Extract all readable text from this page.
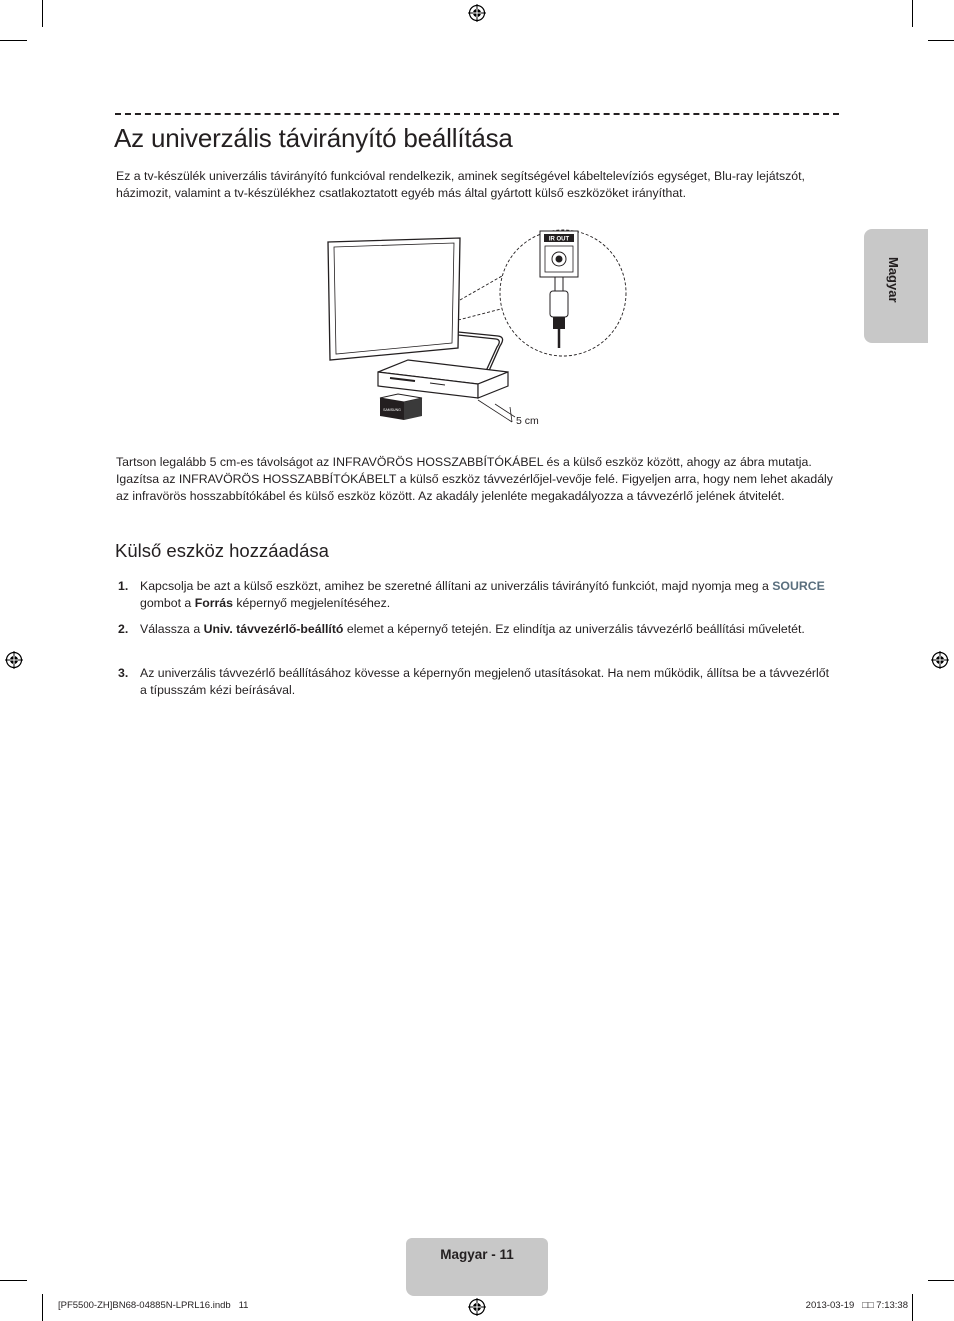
Az univerzális távirányító beállítása

Ez a tv-készülék univerzális távirányító funkcióval rendelkezik, aminek segítségével kábeltelevíziós egységet, Blu-ray lejátszót, házimozit, valamint a tv-készülékhez csatlakoztatott egyéb más által gyártott külső eszközöket irányíthat.

IR OUT
SAMSUNG
5 cm

Tartson legalább 5 cm-es távolságot az INFRAVÖRÖS HOSSZABBÍTÓKÁBEL és a külső eszköz között, ahogy az ábra mutatja. Igazítsa az INFRAVÖRÖS HOSSZABBÍTÓKÁBELT a külső eszköz távvezérlőjel-vevője felé. Figyeljen arra, hogy nem lehet akadály az infravörös hosszabbítókábel és külső eszköz között. Az akadály jelenléte megakadályozza a távvezérlő jelének átvitelét.

Külső eszköz hozzáadása
1. Kapcsolja be azt a külső eszközt, amihez be szeretné állítani az univerzális távirányító funkciót, majd nyomja meg a SOURCE gombot a Forrás képernyő megjelenítéséhez.
2. Válassza a Univ. távvezérlő-beállító elemet a képernyő tetején. Ez elindítja az univerzális távvezérlő beállítási műveletét.
3. Az univerzális távvezérlő beállításához kövesse a képernyőn megjelenő utasításokat. Ha nem működik, állítsa be a távvezérlőt a típusszám kézi beírásával.
Magyar
Magyar - 11
[PF5500-ZH]BN68-04885N-LPRL16.indb   11	2013-03-19   □□ 7:13:38
